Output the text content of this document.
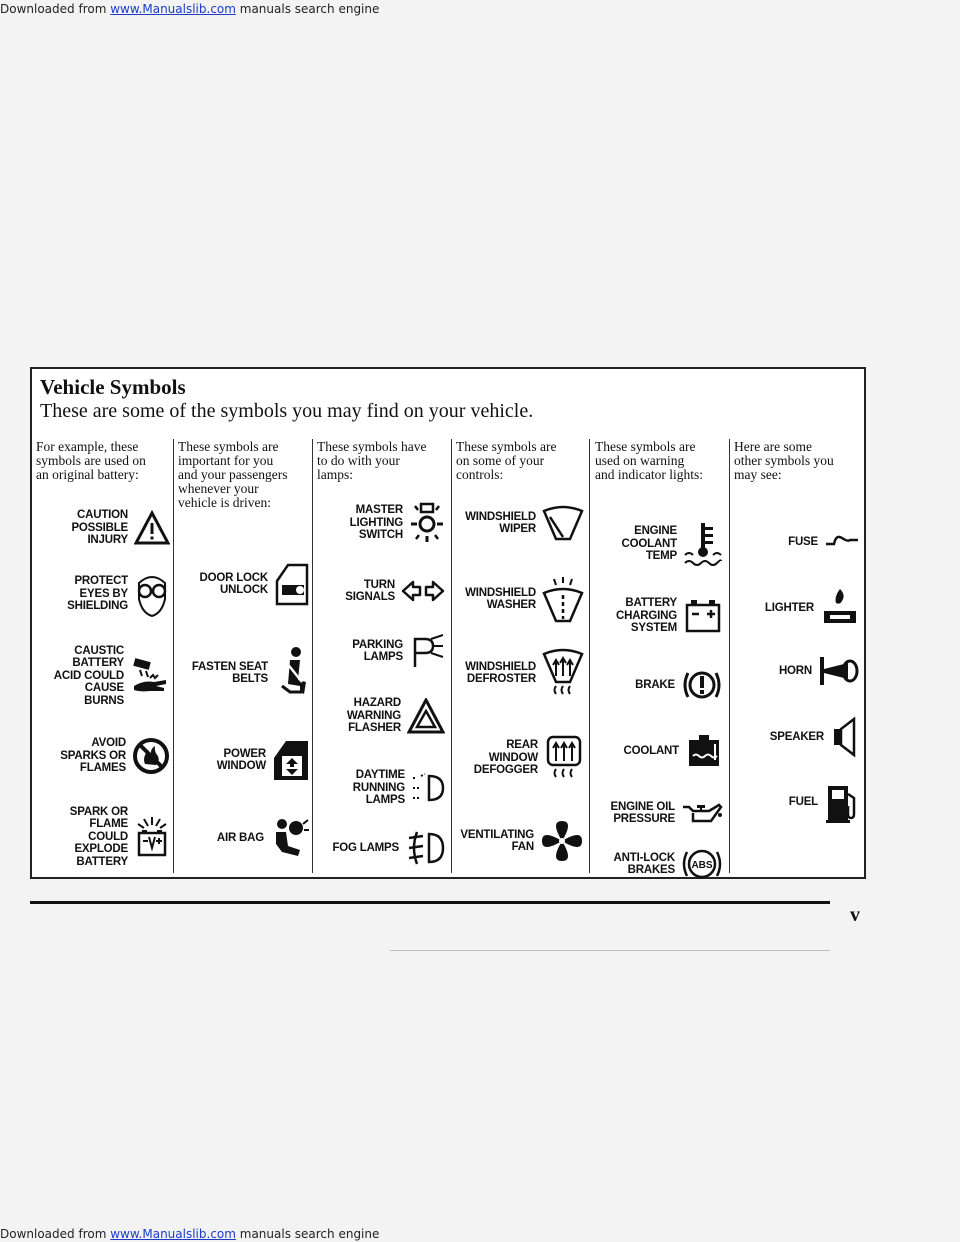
Downloaded from www.Manualslib.com manuals search engine
Vehicle Symbols
These are some of the symbols you may find on your vehicle.
For example, these symbols are used on an original battery:
CAUTION POSSIBLE INJURY
PROTECT EYES BY SHIELDING
CAUSTIC BATTERY ACID COULD CAUSE BURNS
AVOID SPARKS OR FLAMES
SPARK OR FLAME COULD EXPLODE BATTERY
These symbols are important for you and your passengers whenever your vehicle is driven:
DOOR LOCK UNLOCK
FASTEN SEAT BELTS
POWER WINDOW
AIR BAG
These symbols have to do with your lamps:
MASTER LIGHTING SWITCH
TURN SIGNALS
PARKING LAMPS
HAZARD WARNING FLASHER
DAYTIME RUNNING LAMPS
FOG LAMPS
These symbols are on some of your controls:
WINDSHIELD WIPER
WINDSHIELD WASHER
WINDSHIELD DEFROSTER
REAR WINDOW DEFOGGER
VENTILATING FAN
These symbols are used on warning and indicator lights:
ENGINE COOLANT TEMP
BATTERY CHARGING SYSTEM
BRAKE
COOLANT
ENGINE OIL PRESSURE
ANTI-LOCK BRAKES ABS
Here are some other symbols you may see:
FUSE
LIGHTER
HORN
SPEAKER
FUEL
v
Downloaded from www.Manualslib.com manuals search engine
